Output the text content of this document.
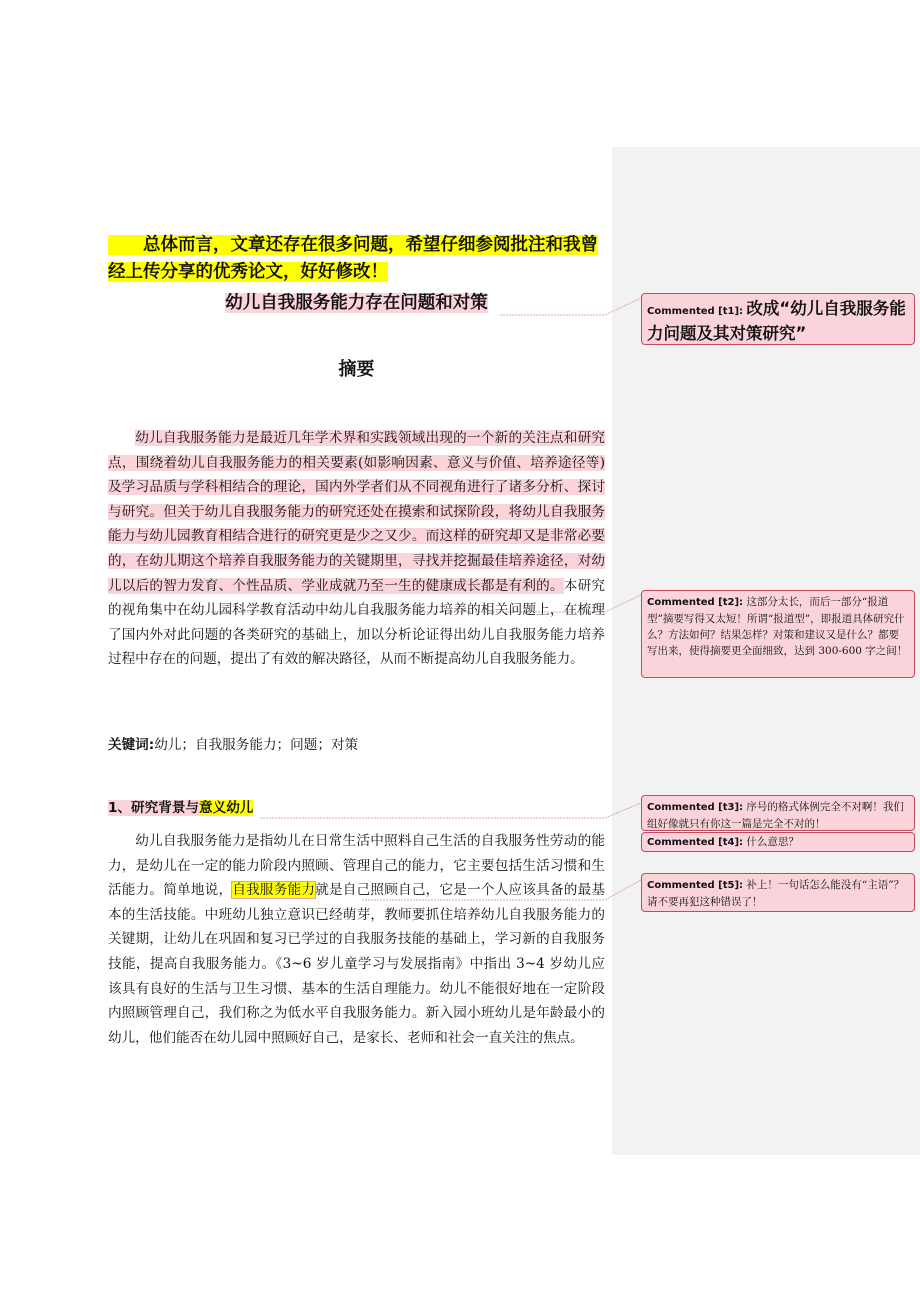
总体而言，文章还存在很多问题，希望仔细参阅批注和我曾经上传分享的优秀论文，好好修改！
幼儿自我服务能力存在问题和对策
摘要

幼儿自我服务能力是最近几年学术界和实践领域出现的一个新的关注点和研究点，围绕着幼儿自我服务能力的相关要素(如影响因素、意义与价值、培养途径等)及学习品质与学科相结合的理论，国内外学者们从不同视角进行了诸多分析、探讨与研究。但关于幼儿自我服务能力的研究还处在摸索和试探阶段，将幼儿自我服务能力与幼儿园教育相结合进行的研究更是少之又少。而这样的研究却又是非常必要的，在幼儿期这个培养自我服务能力的关键期里，寻找并挖掘最佳培养途径，对幼儿以后的智力发育、个性品质、学业成就乃至一生的健康成长都是有利的。本研究的视角集中在幼儿园科学教育活动中幼儿自我服务能力培养的相关问题上，在梳理了国内外对此问题的各类研究的基础上，加以分析论证得出幼儿自我服务能力培养过程中存在的问题，提出了有效的解决路径，从而不断提高幼儿自我服务能力。

关键词:幼儿；自我服务能力；问题；对策
1、研究背景与意义幼儿

幼儿自我服务能力是指幼儿在日常生活中照料自己生活的自我服务性劳动的能力，是幼儿在一定的能力阶段内照顾、管理自己的能力，它主要包括生活习惯和生活能力。简单地说，自我服务能力就是自己照顾自己，它是一个人应该具备的最基本的生活技能。中班幼儿独立意识已经萌芽，教师要抓住培养幼儿自我服务能力的关键期，让幼儿在巩固和复习已学过的自我服务技能的基础上，学习新的自我服务技能，提高自我服务能力。《3~6 岁儿童学习与发展指南》中指出 3~4 岁幼儿应该具有良好的生活与卫生习惯、基本的生活自理能力。幼儿不能很好地在一定阶段内照顾管理自己，我们称之为低水平自我服务能力。新入园小班幼儿是年龄最小的幼儿，他们能否在幼儿园中照顾好自己，是家长、老师和社会一直关注的焦点。

Commented [t1]: 改成“幼儿自我服务能力问题及其对策研究”
Commented [t2]: 这部分太长，而后一部分“报道型”摘要写得又太短！所谓“报道型”，即报道具体研究什么？方法如何？结果怎样？对策和建议又是什么？都要写出来，使得摘要更全面细致，达到 300-600 字之间！
Commented [t3]: 序号的格式体例完全不对啊！我们组好像就只有你这一篇是完全不对的！
Commented [t4]: 什么意思？
Commented [t5]: 补上！一句话怎么能没有“主语”？请不要再犯这种错误了！
